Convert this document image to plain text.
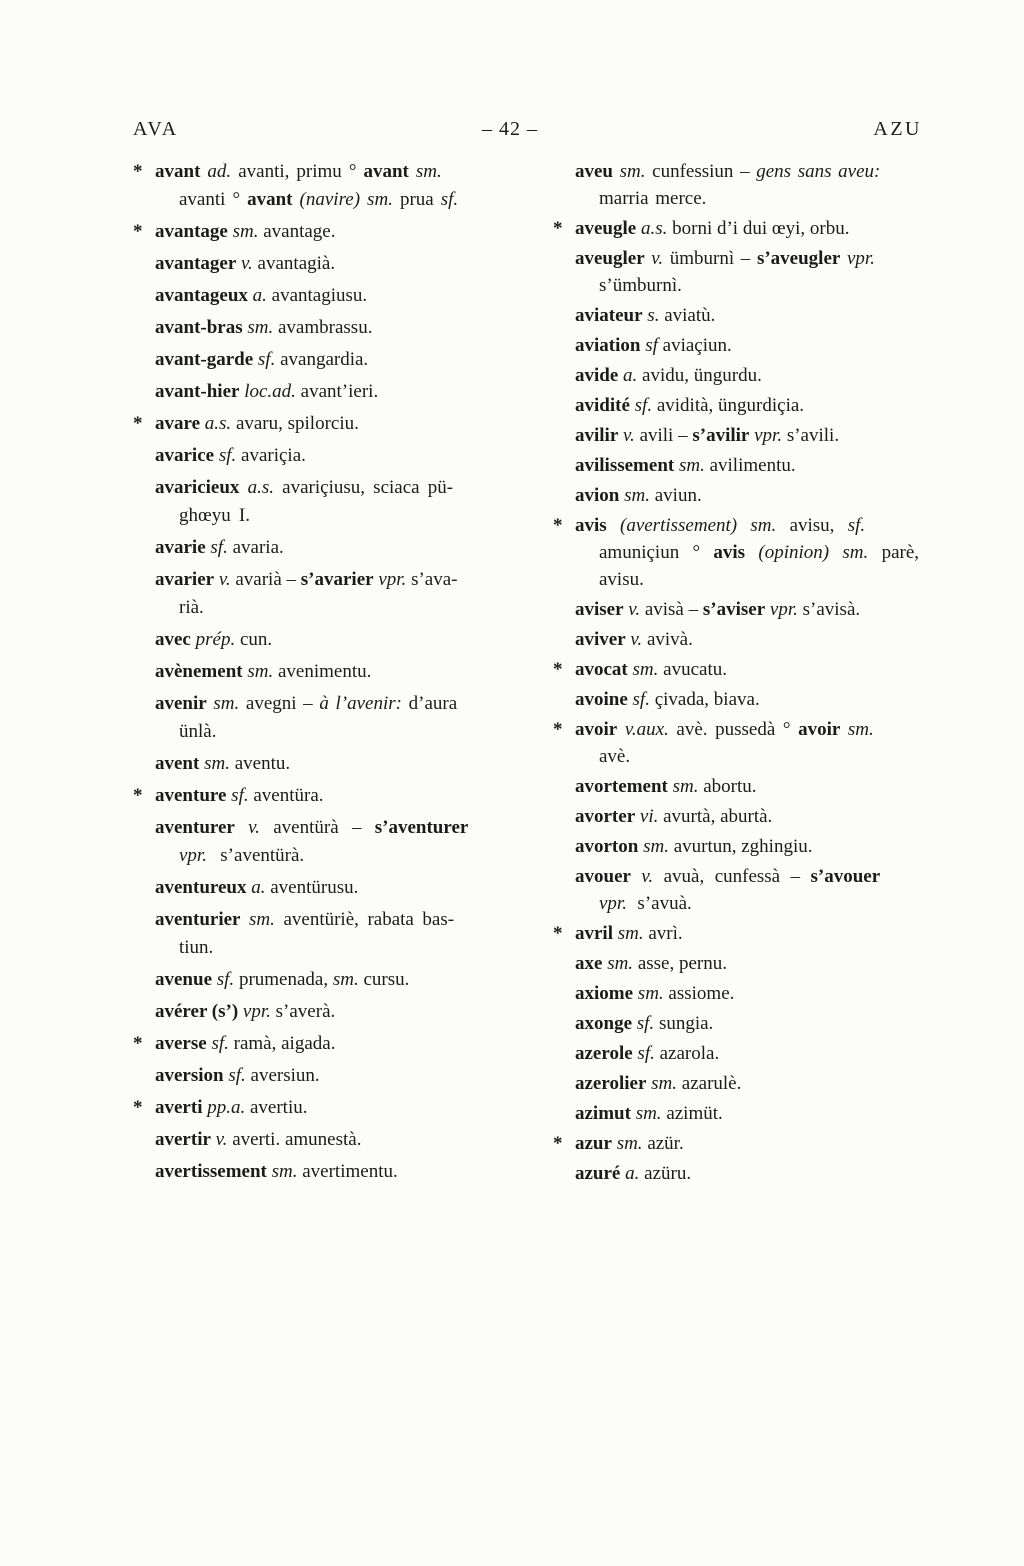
AVA	– 42 –	AZU
* avant ad. avanti, primu ° avant sm.
avanti ° avant (navire) sm. prua sf.
* avantage sm. avantage.
avantager v. avantagià.
avantageux a. avantagiusu.
avant-bras sm. avambrassu.
avant-garde sf. avangardia.
avant-hier loc.ad. avant’ieri.
* avare a.s. avaru, spilorciu.
avarice sf. avariçia.
avaricieux a.s. avariçiusu, sciaca pü-
ghœyu I.
avarie sf. avaria.
avarier v. avarià – s’avarier vpr. s’ava-
rià.
avec prép. cun.
avènement sm. avenimentu.
avenir sm. avegni – à l’avenir: d’aura
ünlà.
avent sm. aventu.
* aventure sf. aventüra.
aventurer v. aventürà – s’aventurer
vpr. s’aventürà.
aventureux a. aventürusu.
aventurier sm. aventüriè, rabata bas-
tiun.
avenue sf. prumenada, sm. cursu.
avérer (s’) vpr. s’averà.
* averse sf. ramà, aigada.
aversion sf. aversiun.
* averti pp.a. avertiu.
avertir v. averti. amunestà.
avertissement sm. avertimentu.
aveu sm. cunfessiun – gens sans aveu:
marria merce.
* aveugle a.s. borni d’i dui œyi, orbu.
aveugler v. ümburnì – s’aveugler vpr.
s’ümburnì.
aviateur s. aviatù.
aviation sf aviaçiun.
avide a. avidu, üngurdu.
avidité sf. avidità, üngurdiçia.
avilir v. avili – s’avilir vpr. s’avili.
avilissement sm. avilimentu.
avion sm. aviun.
* avis (avertissement) sm. avisu, sf.
amuniçiun ° avis (opinion) sm. parè,
avisu.
aviser v. avisà – s’aviser vpr. s’avisà.
aviver v. avivà.
* avocat sm. avucatu.
avoine sf. çivada, biava.
* avoir v.aux. avè. pussedà ° avoir sm.
avè.
avortement sm. abortu.
avorter vi. avurtà, aburtà.
avorton sm. avurtun, zghingiu.
avouer v. avuà, cunfessà – s’avouer
vpr. s’avuà.
* avril sm. avrì.
axe sm. asse, pernu.
axiome sm. assiome.
axonge sf. sungia.
azerole sf. azarola.
azerolier sm. azarulè.
azimut sm. azimüt.
* azur sm. azür.
azuré a. azüru.
